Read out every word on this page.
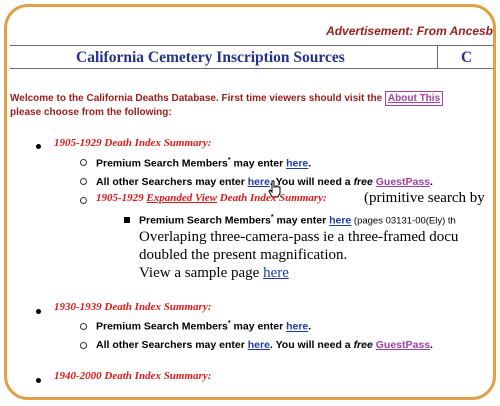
Advertisement: From Ancesb
California Cemetery Inscription Sources	C
Welcome to the California Deaths Database. First time viewers should visit the About This
please choose from the following:
1905-1929 Death Index Summary:
Premium Search Members* may enter here.
All other Searchers may enter here. You will need a free GuestPass.
1905-1929 Expanded View Death Index Summary: (primitive search by
Premium Search Members* may enter here (pages 03131-00(Ely) th
Overlaping three-camera-pass ie a three-framed docu
doubled the present magnification.
View a sample page here
1930-1939 Death Index Summary:
Premium Search Members* may enter here.
All other Searchers may enter here. You will need a free GuestPass.
1940-2000 Death Index Summary:
